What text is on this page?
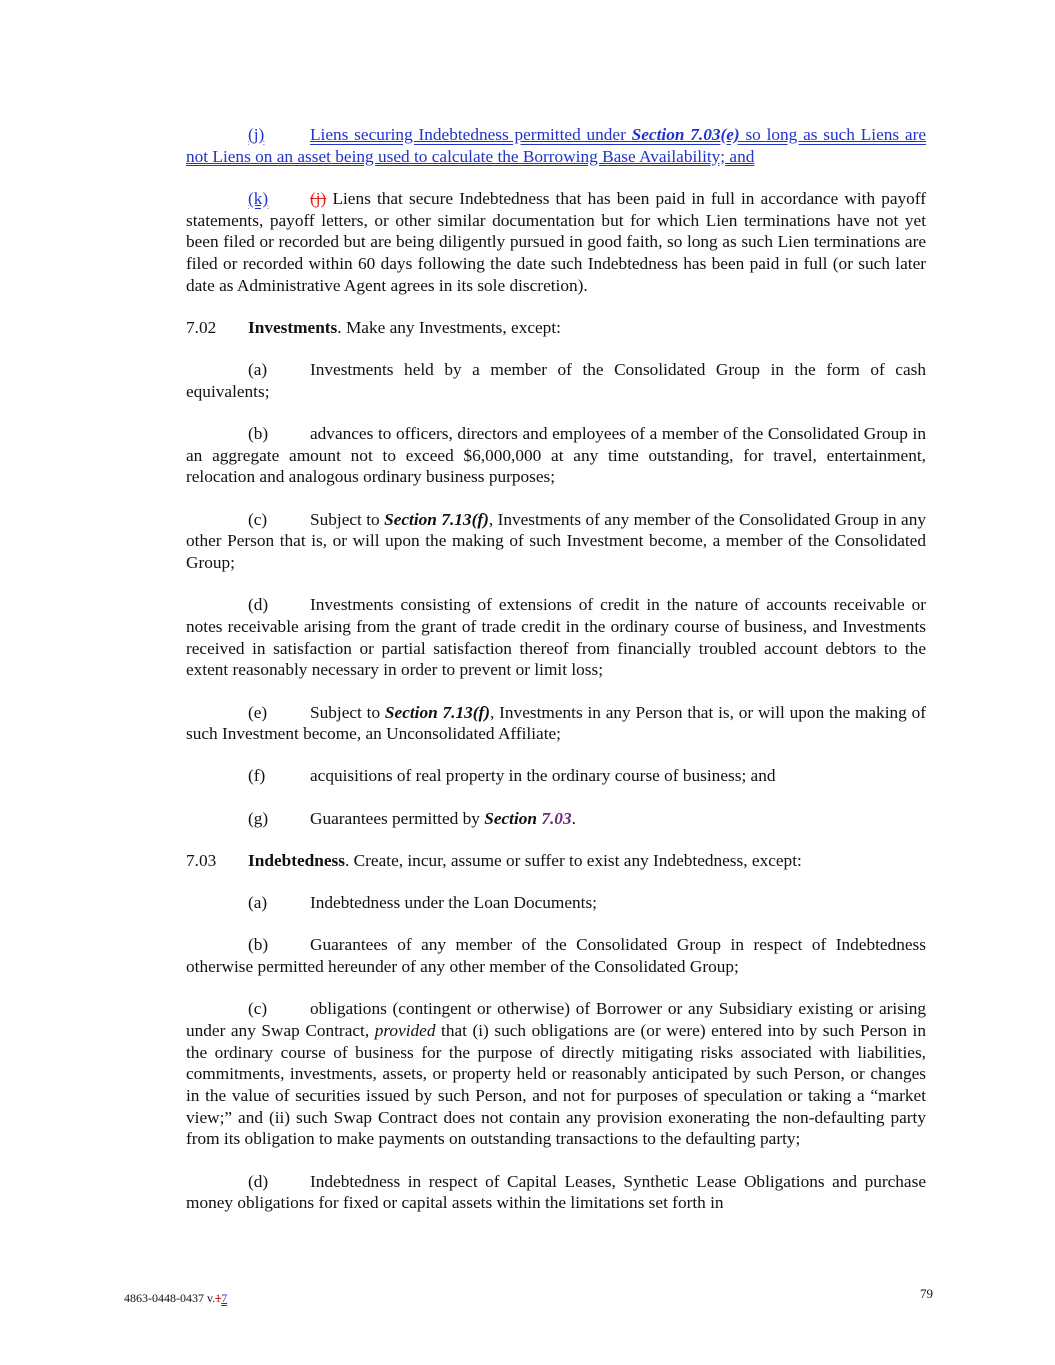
(j)	Liens securing Indebtedness permitted under Section 7.03(e) so long as such Liens are not Liens on an asset being used to calculate the Borrowing Base Availability; and

(k) (j) Liens that secure Indebtedness that has been paid in full in accordance with payoff statements, payoff letters, or other similar documentation but for which Lien terminations have not yet been filed or recorded but are being diligently pursued in good faith, so long as such Lien terminations are filed or recorded within 60 days following the date such Indebtedness has been paid in full (or such later date as Administrative Agent agrees in its sole discretion).

7.02 Investments. Make any Investments, except:

(a) Investments held by a member of the Consolidated Group in the form of cash equivalents;

(b) advances to officers, directors and employees of a member of the Consolidated Group in an aggregate amount not to exceed $6,000,000 at any time outstanding, for travel, entertainment, relocation and analogous ordinary business purposes;

(c) Subject to Section 7.13(f), Investments of any member of the Consolidated Group in any other Person that is, or will upon the making of such Investment become, a member of the Consolidated Group;

(d) Investments consisting of extensions of credit in the nature of accounts receivable or notes receivable arising from the grant of trade credit in the ordinary course of business, and Investments received in satisfaction or partial satisfaction thereof from financially troubled account debtors to the extent reasonably necessary in order to prevent or limit loss;

(e) Subject to Section 7.13(f), Investments in any Person that is, or will upon the making of such Investment become, an Unconsolidated Affiliate;

(f)	acquisitions of real property in the ordinary course of business; and

(g) Guarantees permitted by Section 7.03.

7.03 Indebtedness. Create, incur, assume or suffer to exist any Indebtedness, except:

(a) Indebtedness under the Loan Documents;

(b) Guarantees of any member of the Consolidated Group in respect of Indebtedness otherwise permitted hereunder of any other member of the Consolidated Group;

(c) obligations (contingent or otherwise) of Borrower or any Subsidiary existing or arising under any Swap Contract, provided that (i) such obligations are (or were) entered into by such Person in the ordinary course of business for the purpose of directly mitigating risks associated with liabilities, commitments, investments, assets, or property held or reasonably anticipated by such Person, or changes in the value of securities issued by such Person, and not for purposes of speculation or taking a “market view;” and (ii) such Swap Contract does not contain any provision exonerating the non-defaulting party from its obligation to make payments on outstanding transactions to the defaulting party;

(d) Indebtedness in respect of Capital Leases, Synthetic Lease Obligations and purchase money obligations for fixed or capital assets within the limitations set forth in

4863-0448-0437 v.17	79
